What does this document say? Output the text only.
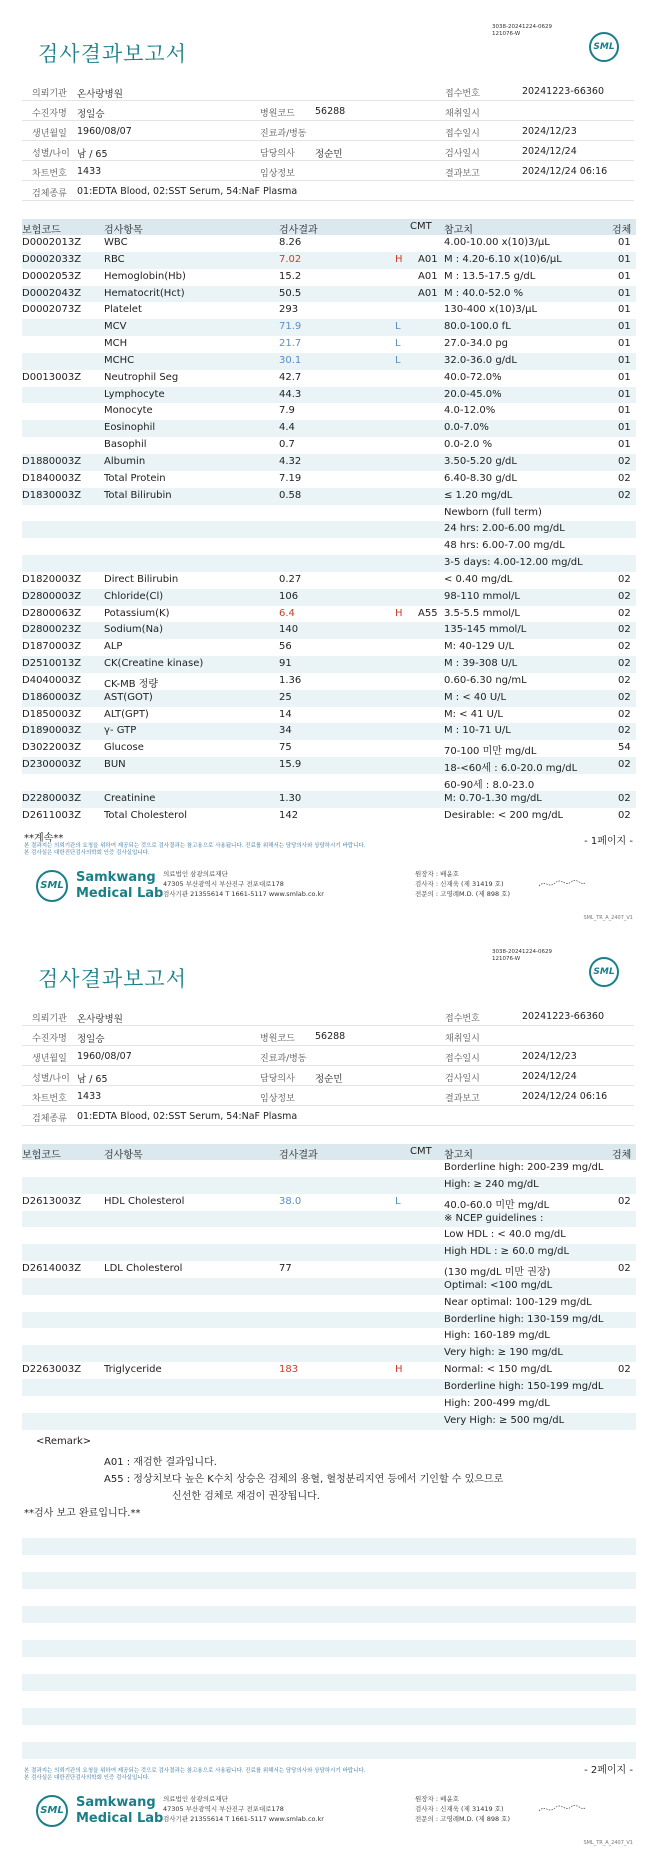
3038-20241224-0629
121076-W
검사결과보고서	SML
의뢰기관 온사랑병원	접수번호	20241223-66360
수진자명 정일승	병원코드 56288	채취일시
생년월일 1960/08/07	진료과/병동	접수일시	2024/12/23
성별/나이 남 / 65	담당의사 정순민	검사일시	2024/12/24
차트번호 1433	임상정보	결과보고	2024/12/24 06:16
검체종류 01:EDTA Blood, 02:SST Serum, 54:NaF Plasma
보험코드	검사항목	검사결과	CMT 참고치	검체
D0002013Z WBC	8.26	4.00-10.00 x(10)3/µL	01
D0002033Z RBC	7.02	H A01 M : 4.20-6.10 x(10)6/µL	01
D0002053Z Hemoglobin(Hb)	15.2	A01 M : 13.5-17.5 g/dL	01
D0002043Z Hematocrit(Hct)	50.5	A01 M : 40.0-52.0 %	01
D0002073Z Platelet	293	130-400 x(10)3/µL	01
MCV	71.9	L	80.0-100.0 fL	01
MCH	21.7	L	27.0-34.0 pg	01
MCHC	30.1	L	32.0-36.0 g/dL	01
D0013003Z Neutrophil Seg	42.7	40.0-72.0%	01
Lymphocyte	44.3	20.0-45.0%	01
Monocyte	7.9	4.0-12.0%	01
Eosinophil	4.4	0.0-7.0%	01
Basophil	0.7	0.0-2.0 %	01
D1880003Z Albumin	4.32	3.50-5.20 g/dL	02
D1840003Z Total Protein	7.19	6.40-8.30 g/dL	02
D1830003Z Total Bilirubin	0.58	≤ 1.20 mg/dL	02
Newborn (full term)
24 hrs: 2.00-6.00 mg/dL
48 hrs: 6.00-7.00 mg/dL
3-5 days: 4.00-12.00 mg/dL
D1820003Z Direct Bilirubin	0.27	< 0.40 mg/dL	02
D2800003Z Chloride(Cl)	106	98-110 mmol/L	02
D2800063Z Potassium(K)	6.4	H A55 3.5-5.5 mmol/L	02
D2800023Z Sodium(Na)	140	135-145 mmol/L	02
D1870003Z ALP	56	M: 40-129 U/L	02
D2510013Z CK(Creatine kinase)	91	M : 39-308 U/L	02
D4040003Z CK-MB 정량	1.36	0.60-6.30 ng/mL	02
D1860003Z AST(GOT)	25	M : < 40 U/L	02
D1850003Z ALT(GPT)	14	M: < 41 U/L	02
D1890003Z γ- GTP	34	M : 10-71 U/L	02
D3022003Z Glucose	75	70-100 미만 mg/dL	54
D2300003Z BUN	15.9	18-<60세 : 6.0-20.0 mg/dL	02
60-90세 : 8.0-23.0
D2280003Z Creatinine	1.30	M: 0.70-1.30 mg/dL	02
D2611003Z Total Cholesterol	142	Desirable: < 200 mg/dL	02
**계속**	- 1페이지 -
본 결과지는 의뢰기관의 요청을 위하여 제공되는 것으로 검사결과는 참고용으로 사용됩니다. 진료를 위해서는 담당의사와 상담하시기 바랍니다.
본 검사실은 대한진단검사의학회 인증 검사실입니다.
SML
Samkwang
Medical Lab
의료법인 삼광의료재단
47305 부산광역시 부산진구 전포대로178
검사기관 21355614 T 1661-5117 www.smlab.co.kr
원장자 : 배윤호
검사자 : 신재욱 (제 31419 호)
전문의 : 고영례M.D. (제 898 호)
SML_TR_A_2407_V1
3038-20241224-0629
121076-W
검사결과보고서	SML
의뢰기관 온사랑병원	접수번호	20241223-66360
수진자명 정일승	병원코드 56288	채취일시
생년월일 1960/08/07	진료과/병동	접수일시	2024/12/23
성별/나이 남 / 65	담당의사 정순민	검사일시	2024/12/24
차트번호 1433	임상정보	결과보고	2024/12/24 06:16
검체종류 01:EDTA Blood, 02:SST Serum, 54:NaF Plasma
보험코드	검사항목	검사결과	CMT 참고치	검체
Borderline high: 200-239 mg/dL
High: ≥ 240 mg/dL
D2613003Z HDL Cholesterol	38.0	L	40.0-60.0 미만 mg/dL	02
※ NCEP guidelines :
Low HDL : < 40.0 mg/dL
High HDL : ≥ 60.0 mg/dL
D2614003Z LDL Cholesterol	77	(130 mg/dL 미만 권장)	02
Optimal: <100 mg/dL
Near optimal: 100-129 mg/dL
Borderline high: 130-159 mg/dL
High: 160-189 mg/dL
Very high: ≥ 190 mg/dL
D2263003Z Triglyceride	183	H	Normal: < 150 mg/dL	02
Borderline high: 150-199 mg/dL
High: 200-499 mg/dL
Very High: ≥ 500 mg/dL
<Remark>
A01 : 재검한 결과입니다.
A55 : 정상치보다 높은 K수치 상승은 검체의 용혈, 혈청분리지연 등에서 기인할 수 있으므로
신선한 검체로 재검이 권장됩니다.
**검사 보고 완료입니다.**
- 2페이지 -
본 결과지는 의뢰기관의 요청을 위하여 제공되는 것으로 검사결과는 참고용으로 사용됩니다. 진료를 위해서는 담당의사와 상담하시기 바랍니다.
본 검사실은 대한진단검사의학회 인증 검사실입니다.
SML
Samkwang
Medical Lab
의료법인 삼광의료재단
47305 부산광역시 부산진구 전포대로178
검사기관 21355614 T 1661-5117 www.smlab.co.kr
원장자 : 배윤호
검사자 : 신재욱 (제 31419 호)
전문의 : 고영례M.D. (제 898 호)
SML_TR_A_2407_V1
